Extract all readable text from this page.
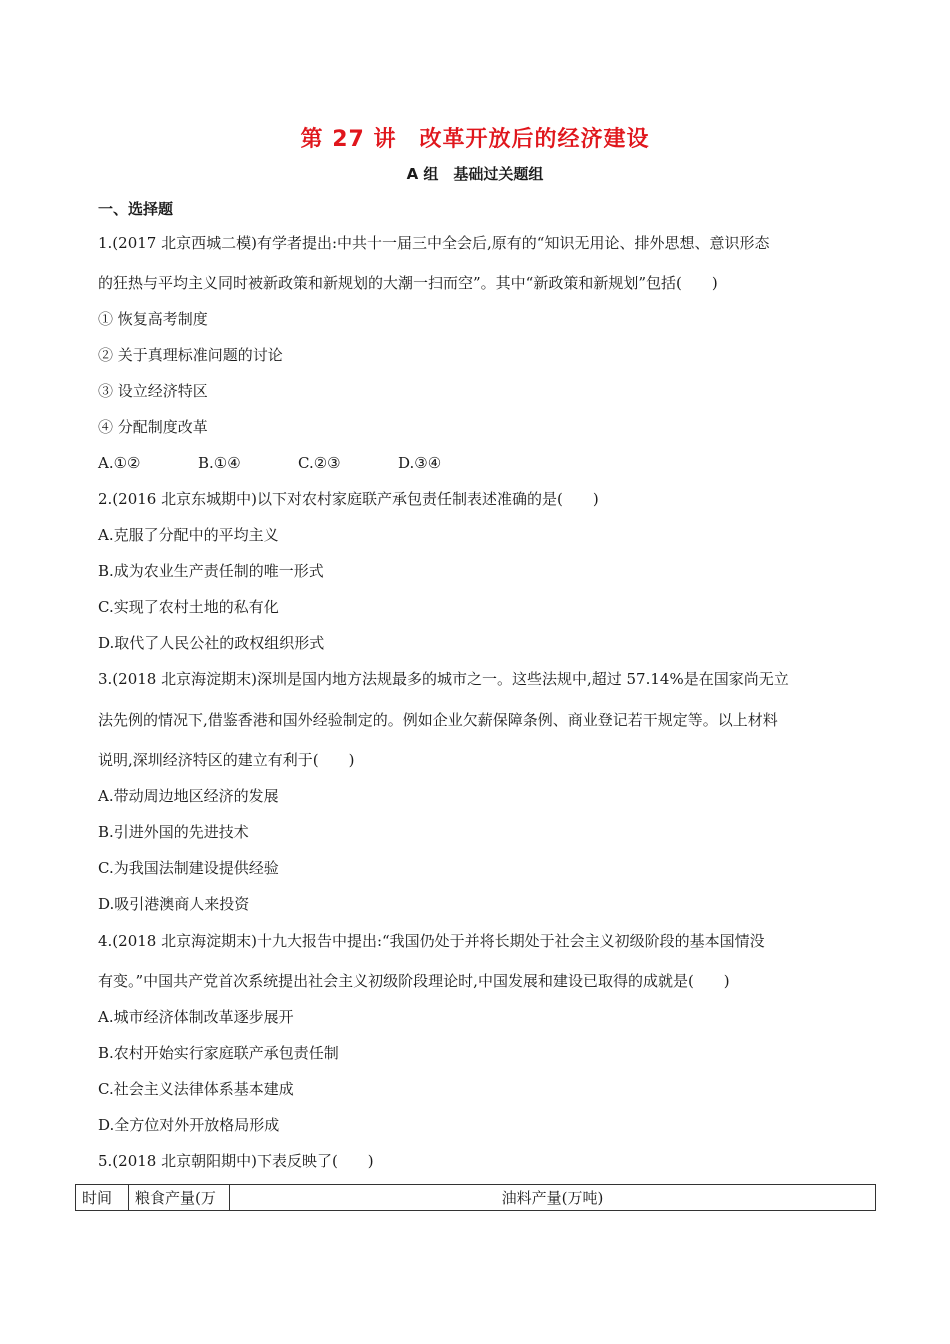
第 27 讲　改革开放后的经济建设
A 组　基础过关题组
一、选择题
1.(2017 北京西城二模)有学者提出:中共十一届三中全会后,原有的“知识无用论、排外思想、意识形态
的狂热与平均主义同时被新政策和新规划的大潮一扫而空”。其中“新政策和新规划”包括(　　)
① 恢复高考制度
② 关于真理标准问题的讨论
③ 设立经济特区
④ 分配制度改革
A.①②	B.①④	C.②③	D.③④
2.(2016 北京东城期中)以下对农村家庭联产承包责任制表述准确的是(　　)
A.克服了分配中的平均主义
B.成为农业生产责任制的唯一形式
C.实现了农村土地的私有化
D.取代了人民公社的政权组织形式
3.(2018 北京海淀期末)深圳是国内地方法规最多的城市之一。这些法规中,超过 57.14%是在国家尚无立
法先例的情况下,借鉴香港和国外经验制定的。例如企业欠薪保障条例、商业登记若干规定等。以上材料
说明,深圳经济特区的建立有利于(　　)
A.带动周边地区经济的发展
B.引进外国的先进技术
C.为我国法制建设提供经验
D.吸引港澳商人来投资
4.(2018 北京海淀期末)十九大报告中提出:“我国仍处于并将长期处于社会主义初级阶段的基本国情没
有变。”中国共产党首次系统提出社会主义初级阶段理论时,中国发展和建设已取得的成就是(　　)
A.城市经济体制改革逐步展开
B.农村开始实行家庭联产承包责任制
C.社会主义法律体系基本建成
D.全方位对外开放格局形成
5.(2018 北京朝阳期中)下表反映了(　　)
时间	粮食产量(万	油料产量(万吨)
